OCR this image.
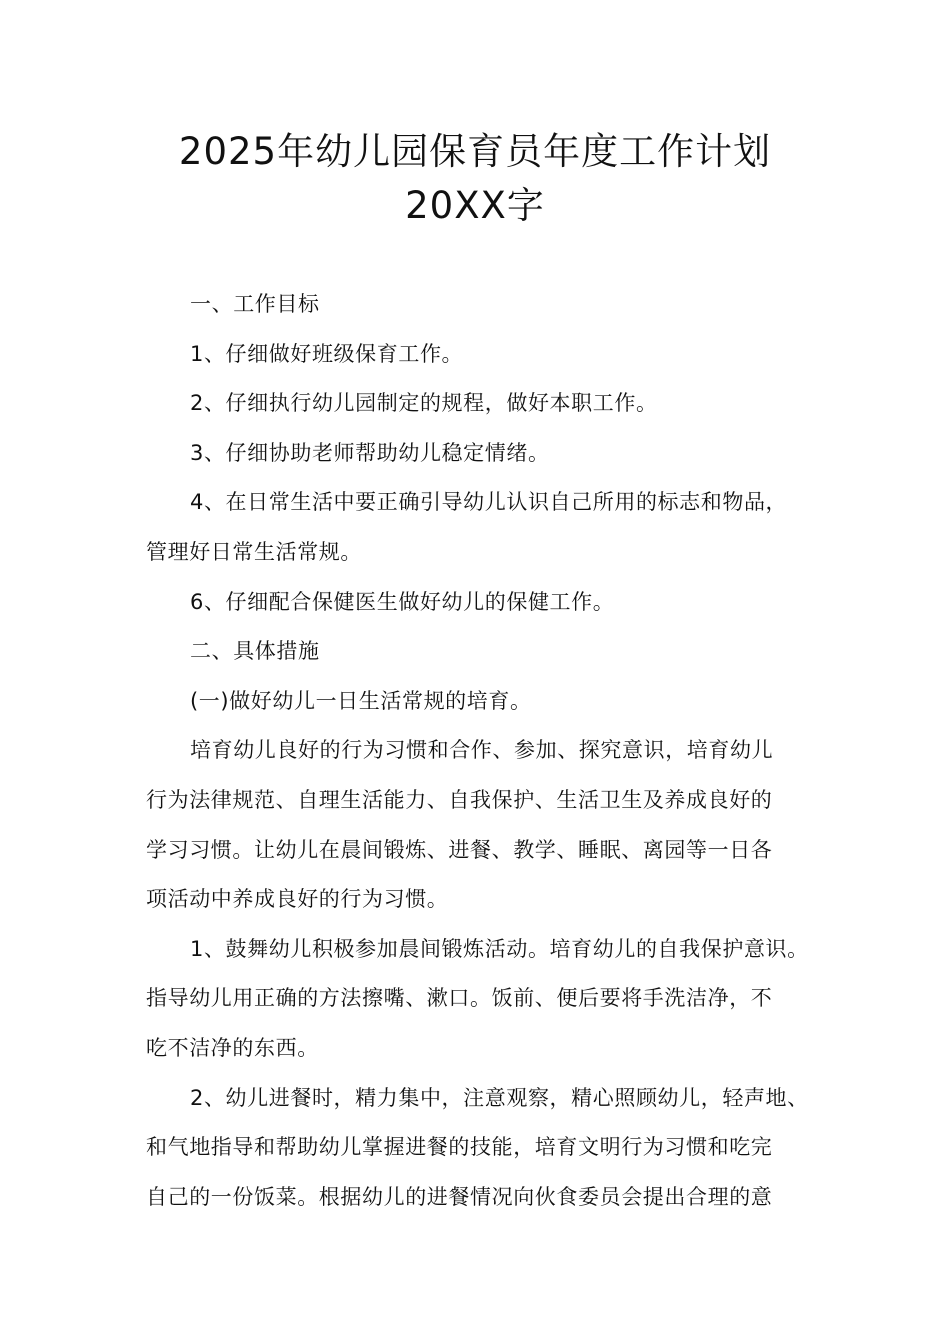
2025年幼儿园保育员年度工作计划
20XX字

一、工作目标

1、仔细做好班级保育工作。

2、仔细执行幼儿园制定的规程，做好本职工作。

3、仔细协助老师帮助幼儿稳定情绪。

4、在日常生活中要正确引导幼儿认识自己所用的标志和物品，
管理好日常生活常规。

6、仔细配合保健医生做好幼儿的保健工作。

二、具体措施

(一)做好幼儿一日生活常规的培育。

培育幼儿良好的行为习惯和合作、参加、探究意识，培育幼儿
行为法律规范、自理生活能力、自我保护、生活卫生及养成良好的
学习习惯。让幼儿在晨间锻炼、进餐、教学、睡眠、离园等一日各
项活动中养成良好的行为习惯。

1、鼓舞幼儿积极参加晨间锻炼活动。培育幼儿的自我保护意识。
指导幼儿用正确的方法擦嘴、漱口。饭前、便后要将手洗洁净，不
吃不洁净的东西。

2、幼儿进餐时，精力集中，注意观察，精心照顾幼儿，轻声地、
和气地指导和帮助幼儿掌握进餐的技能，培育文明行为习惯和吃完
自己的一份饭菜。根据幼儿的进餐情况向伙食委员会提出合理的意
